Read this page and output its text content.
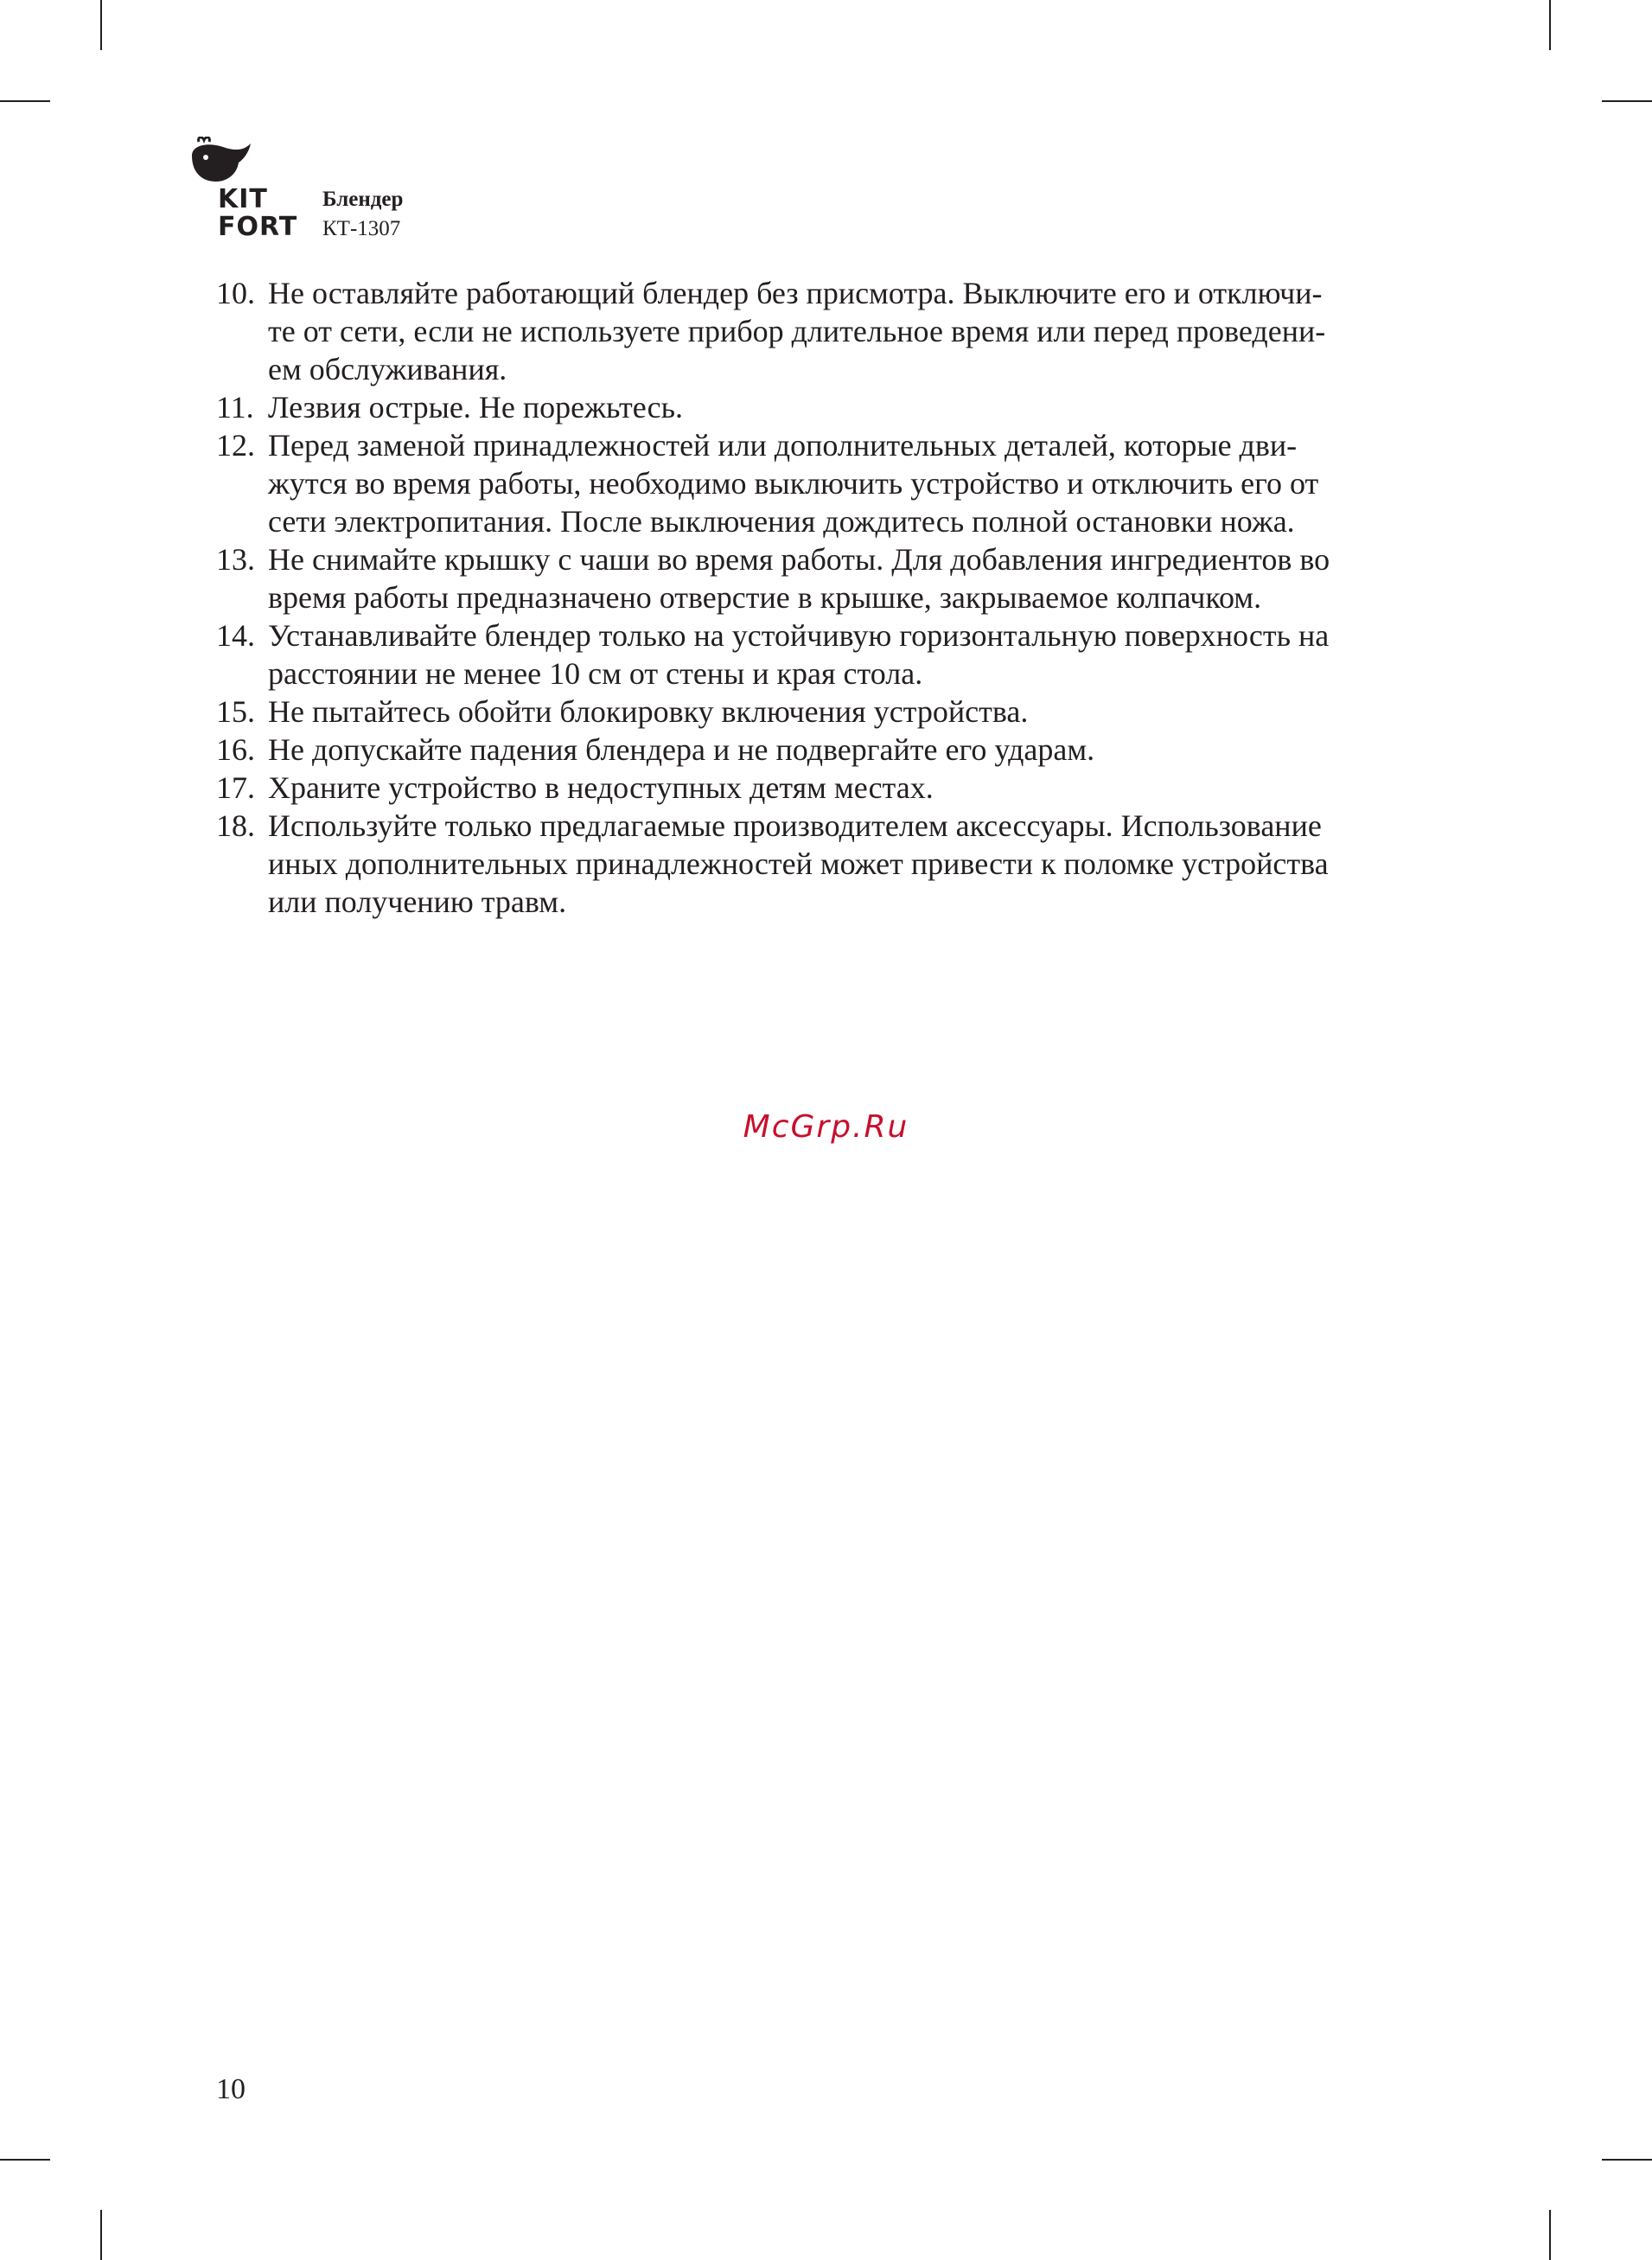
KIT
FORT
Блендер
КТ-1307
10. Не оставляйте работающий блендер без присмотра. Выключите его и отключи-
те от сети, если не используете прибор длительное время или перед проведени-
ем обслуживания.
11. Лезвия острые. Не порежьтесь.
12. Перед заменой принадлежностей или дополнительных деталей, которые дви-
жутся во время работы, необходимо выключить устройство и отключить его от
сети электропитания. После выключения дождитесь полной остановки ножа.
13. Не снимайте крышку с чаши во время работы. Для добавления ингредиентов во
время работы предназначено отверстие в крышке, закрываемое колпачком.
14. Устанавливайте блендер только на устойчивую горизонтальную поверхность на
расстоянии не менее 10 см от стены и края стола.
15. Не пытайтесь обойти блокировку включения устройства.
16. Не допускайте падения блендера и не подвергайте его ударам.
17. Храните устройство в недоступных детям местах.
18. Используйте только предлагаемые производителем аксессуары. Использование
иных дополнительных принадлежностей может привести к поломке устройства
или получению травм.
McGrp.Ru
10
